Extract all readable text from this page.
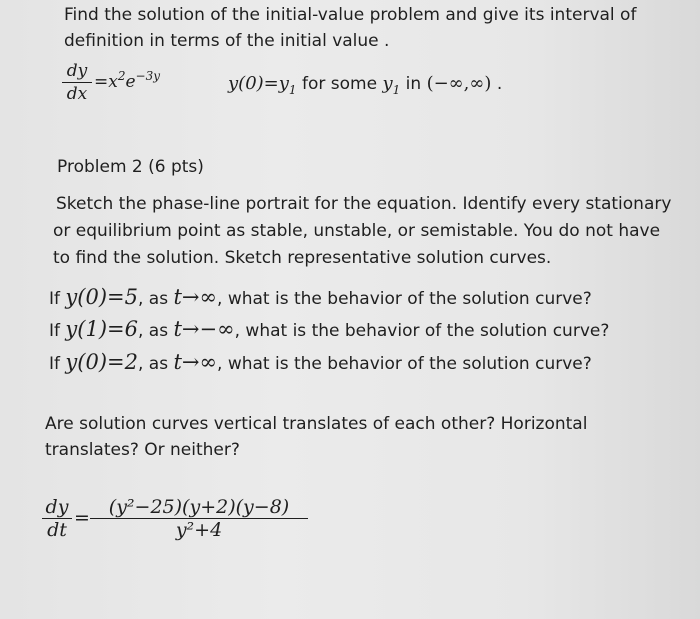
Find the solution of the initial-value problem and give its interval of
definition in terms of the initial value .
dy
dx
$=x^2e^{-3y}$	$y(0)=y_1$ for some $y_1$ in (−∞,∞) .
Problem 2 (6 pts)
Sketch the phase-line portrait for the equation. Identify every stationary
or equilibrium point as stable, unstable, or semistable. You do not have
to find the solution. Sketch representative solution curves.
If y(0)=5, as t→∞, what is the behavior of the solution curve?
If y(1)=6, as t→−∞, what is the behavior of the solution curve?
If y(0)=2, as t→∞, what is the behavior of the solution curve?
Are solution curves vertical translates of each other? Horizontal
translates? Or neither?
dy
dt
= (y²−25)(y+2)(y−8)
y²+4
